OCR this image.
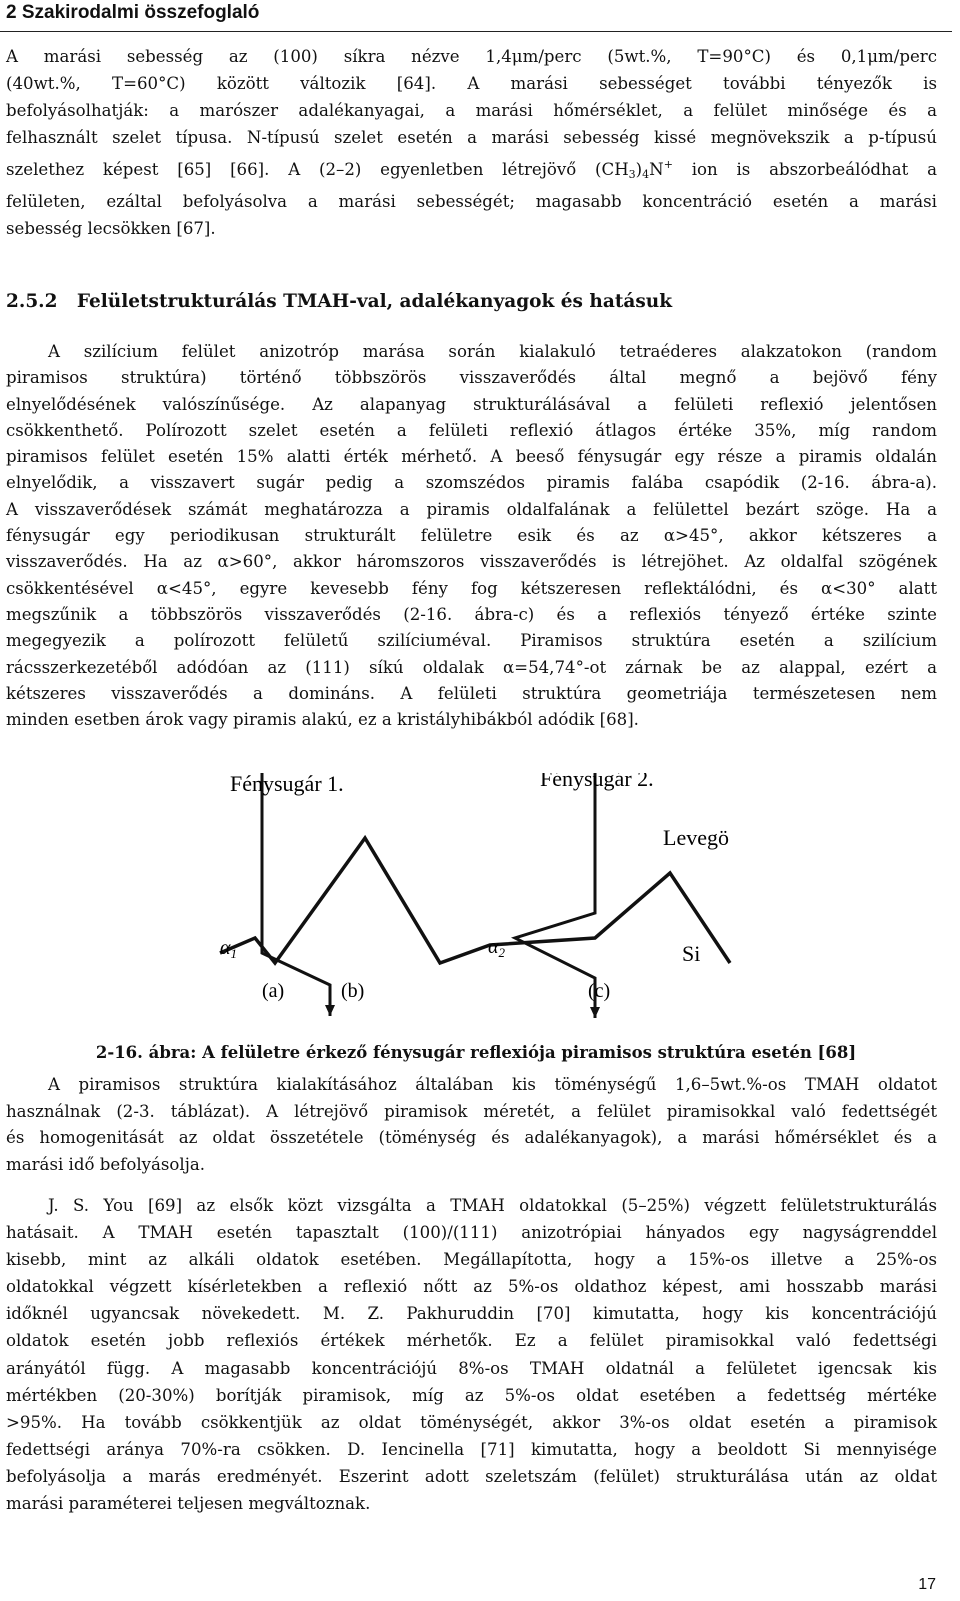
2 Szakirodalmi összefoglaló
A marási sebesség az (100) síkra nézve 1,4μm/perc (5wt.%, T=90°C) és 0,1μm/perc
(40wt.%, T=60°C) között változik [64]. A marási sebességet további tényezők is
befolyásolhatják: a marószer adalékanyagai, a marási hőmérséklet, a felület minősége és a
felhasznált szelet típusa. N-típusú szelet esetén a marási sebesség kissé megnövekszik a p-típusú
szelethez képest [65] [66]. A (2–2) egyenletben létrejövő $(CH_3)_4N^+$ ion is abszorbeálódhat a
felületen, ezáltal befolyásolva a marási sebességét; magasabb koncentráció esetén a marási
sebesség lecsökken [67].
2.5.2 Felületstrukturálás TMAH-val, adalékanyagok és hatásuk
A szilícium felület anizotróp marása során kialakuló tetraéderes alakzatokon (random
piramisos struktúra) történő többszörös visszaverődés által megnő a bejövő fény
elnyelődésének valószínűsége. Az alapanyag strukturálásával a felületi reflexió jelentősen
csökkenthető. Polírozott szelet esetén a felületi reflexió átlagos értéke 35%, míg random
piramisos felület esetén 15% alatti érték mérhető. A beeső fénysugár egy része a piramis oldalán
elnyelődik, a visszavert sugár pedig a szomszédos piramis falába csapódik (2-16. ábra-a).
A visszaverődések számát meghatározza a piramis oldalfalának a felülettel bezárt szöge. Ha a
fénysugár egy periodikusan strukturált felületre esik és az α>45°, akkor kétszeres a
visszaverődés. Ha az α>60°, akkor háromszoros visszaverődés is létrejöhet. Az oldalfal szögének
csökkentésével α<45°, egyre kevesebb fény fog kétszeresen reflektálódni, és α<30° alatt
megszűnik a többszörös visszaverődés (2-16. ábra-c) és a reflexiós tényező értéke szinte
megegyezik a polírozott felületű szilíciuméval. Piramisos struktúra esetén a szilícium
rácsszerkezetéből adódóan az (111) síkú oldalak α=54,74°-ot zárnak be az alappal, ezért a
kétszeres visszaverődés a domináns. A felületi struktúra geometriája természetesen nem
minden esetben árok vagy piramis alakú, ez a kristályhibákból adódik [68].
Fénysugár 1.	Fénysugár 2.
Levegö
Si
$\alpha_1$	$\alpha_2$
(a)	(b)	(c)
2-16. ábra: A felületre érkező fénysugár reflexiója piramisos struktúra esetén [68]
A piramisos struktúra kialakításához általában kis töménységű 1,6–5wt.%-os TMAH oldatot
használnak (2-3. táblázat). A létrejövő piramisok méretét, a felület piramisokkal való fedettségét
és homogenitását az oldat összetétele (töménység és adalékanyagok), a marási hőmérséklet és a
marási idő befolyásolja.
J. S. You [69] az elsők közt vizsgálta a TMAH oldatokkal (5–25%) végzett felületstrukturálás
hatásait. A TMAH esetén tapasztalt (100)/(111) anizotrópiai hányados egy nagyságrenddel
kisebb, mint az alkáli oldatok esetében. Megállapította, hogy a 15%-os illetve a 25%-os
oldatokkal végzett kísérletekben a reflexió nőtt az 5%-os oldathoz képest, ami hosszabb marási
időknél ugyancsak növekedett. M. Z. Pakhuruddin [70] kimutatta, hogy kis koncentrációjú
oldatok esetén jobb reflexiós értékek mérhetők. Ez a felület piramisokkal való fedettségi
arányától függ. A magasabb koncentrációjú 8%-os TMAH oldatnál a felületet igencsak kis
mértékben (20-30%) borítják piramisok, míg az 5%-os oldat esetében a fedettség mértéke
>95%. Ha tovább csökkentjük az oldat töménységét, akkor 3%-os oldat esetén a piramisok
fedettségi aránya 70%-ra csökken. D. Iencinella [71] kimutatta, hogy a beoldott Si mennyisége
befolyásolja a marás eredményét. Eszerint adott szeletszám (felület) strukturálása után az oldat
marási paraméterei teljesen megváltoznak.
17
